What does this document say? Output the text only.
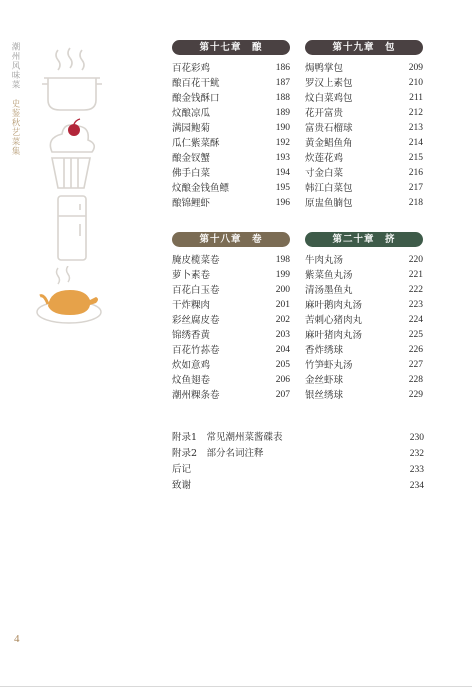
潮州风味菜 史鉴秋艺菜集
第十七章　酿
百花彩鸡	186
酿百花干鱿	187
酿金钱酥口	188
炆酿凉瓜	189
满园鲍菊	190
瓜仁紫菜酥	192
酿金钗蟹	193
佛手白菜	194
炆酿金钱鱼鳔	195
酿锦鲤虾	196
第十九章　包
焗鸭掌包	209
罗汉上素包	210
炆白菜鸡包	211
花开富贵	212
富贵石榴球	213
黄金鲳鱼角	214
炊莲花鸡	215
寸金白菜	216
韩江白菜包	217
原盅鱼腩包	218
第十八章　卷
腌皮榄菜卷	198
萝卜素卷	199
百花白玉卷	200
干炸粿肉	201
彩丝腐皮卷	202
锦绣香黄	203
百花竹荪卷	204
炊如意鸡	205
炆鱼翅卷	206
潮州粿条卷	207
第二十章　挤
牛肉丸汤	220
紫菜鱼丸汤	221
清汤墨鱼丸	222
麻叶鹅肉丸汤	223
苦刺心猪肉丸	224
麻叶猪肉丸汤	225
香炸绣球	226
竹笋虾丸汤	227
金丝虾球	228
银丝绣球	229
附录1　常见潮州菜酱碟表	230
附录2　部分名词注释	232
后记	233
致谢	234
4
